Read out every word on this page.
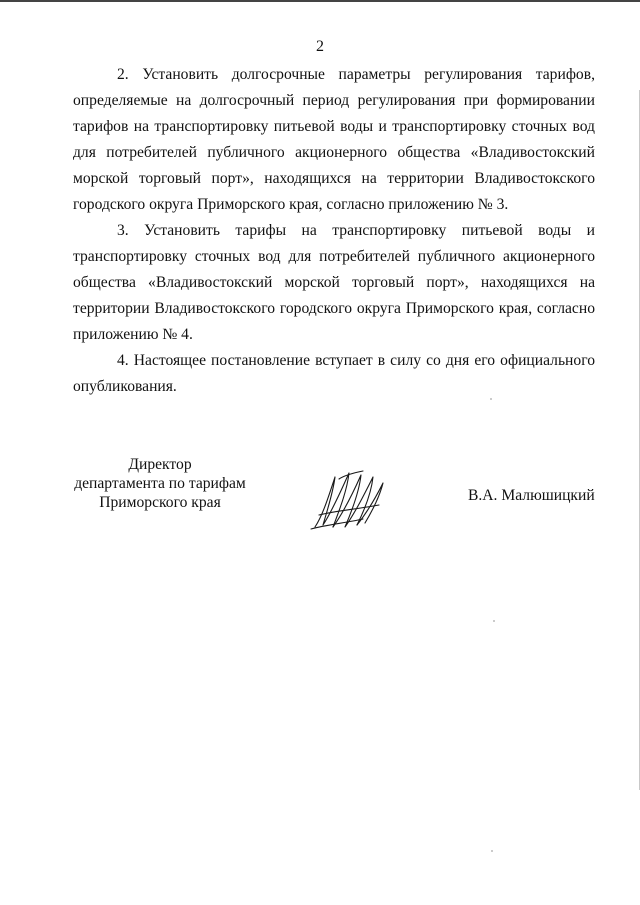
2

2. Установить долгосрочные параметры регулирования тарифов, определяемые на долгосрочный период регулирования при формировании тарифов на транспортировку питьевой воды и транспортировку сточных вод для потребителей публичного акционерного общества «Владивостокский морской торговый порт», находящихся на территории Владивостокского городского округа Приморского края, согласно приложению № 3.

3. Установить тарифы на транспортировку питьевой воды и транспортировку сточных вод для потребителей публичного акционерного общества «Владивостокский морской торговый порт», находящихся на территории Владивостокского городского округа Приморского края, согласно приложению № 4.

4. Настоящее постановление вступает в силу со дня его официального опубликования.

Директор
департамента по тарифам
Приморского края	В.А. Малюшицкий
